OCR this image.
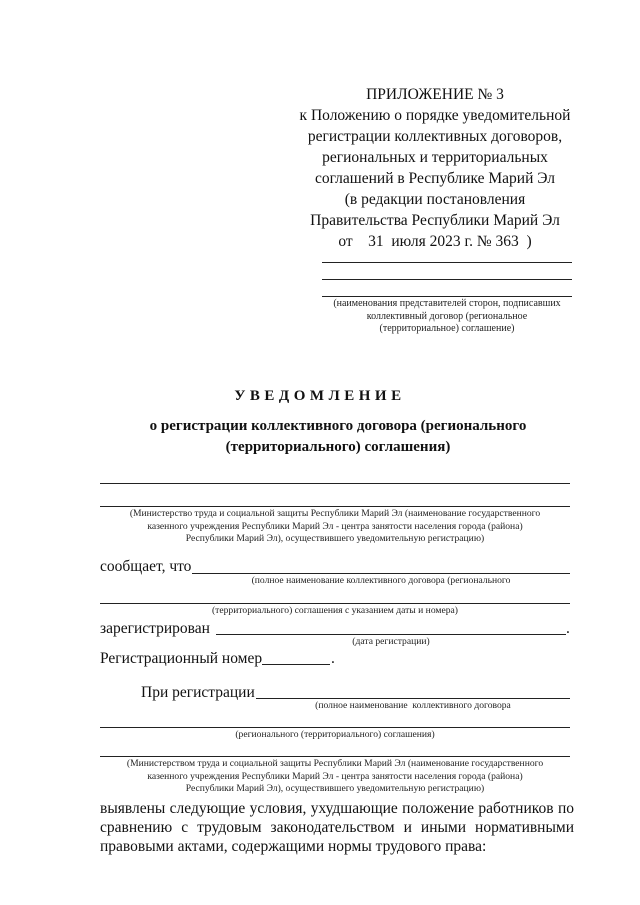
ПРИЛОЖЕНИЕ № 3
к Положению о порядке уведомительной
регистрации коллективных договоров,
региональных и территориальных
соглашений в Республике Марий Эл
(в редакции постановления
Правительства Республики Марий Эл
от    31  июля 2023 г. № 363  )
(наименования представителей сторон, подписавших
коллективный договор (региональное
(территориальное) соглашение)
УВЕДОМЛЕНИЕ
о регистрации коллективного договора (регионального
(территориального) соглашения)
(Министерство труда и социальной защиты Республики Марий Эл (наименование государственного
казенного учреждения Республики Марий Эл - центра занятости населения города (района)
Республики Марий Эл), осуществившего уведомительную регистрацию)
сообщает, что
(полное наименование коллективного договора (регионального
(территориального) соглашения с указанием даты и номера)
зарегистрирован	.
(дата регистрации)
Регистрационный номер	.
При регистрации
(полное наименование  коллективного договора
(регионального (территориального) соглашения)
(Министерством труда и социальной защиты Республики Марий Эл (наименование государственного
казенного учреждения Республики Марий Эл - центра занятости населения города (района)
Республики Марий Эл), осуществившего уведомительную регистрацию)
выявлены следующие условия, ухудшающие положение работников по сравнению с трудовым законодательством и иными нормативными правовыми актами, содержащими нормы трудового права:
